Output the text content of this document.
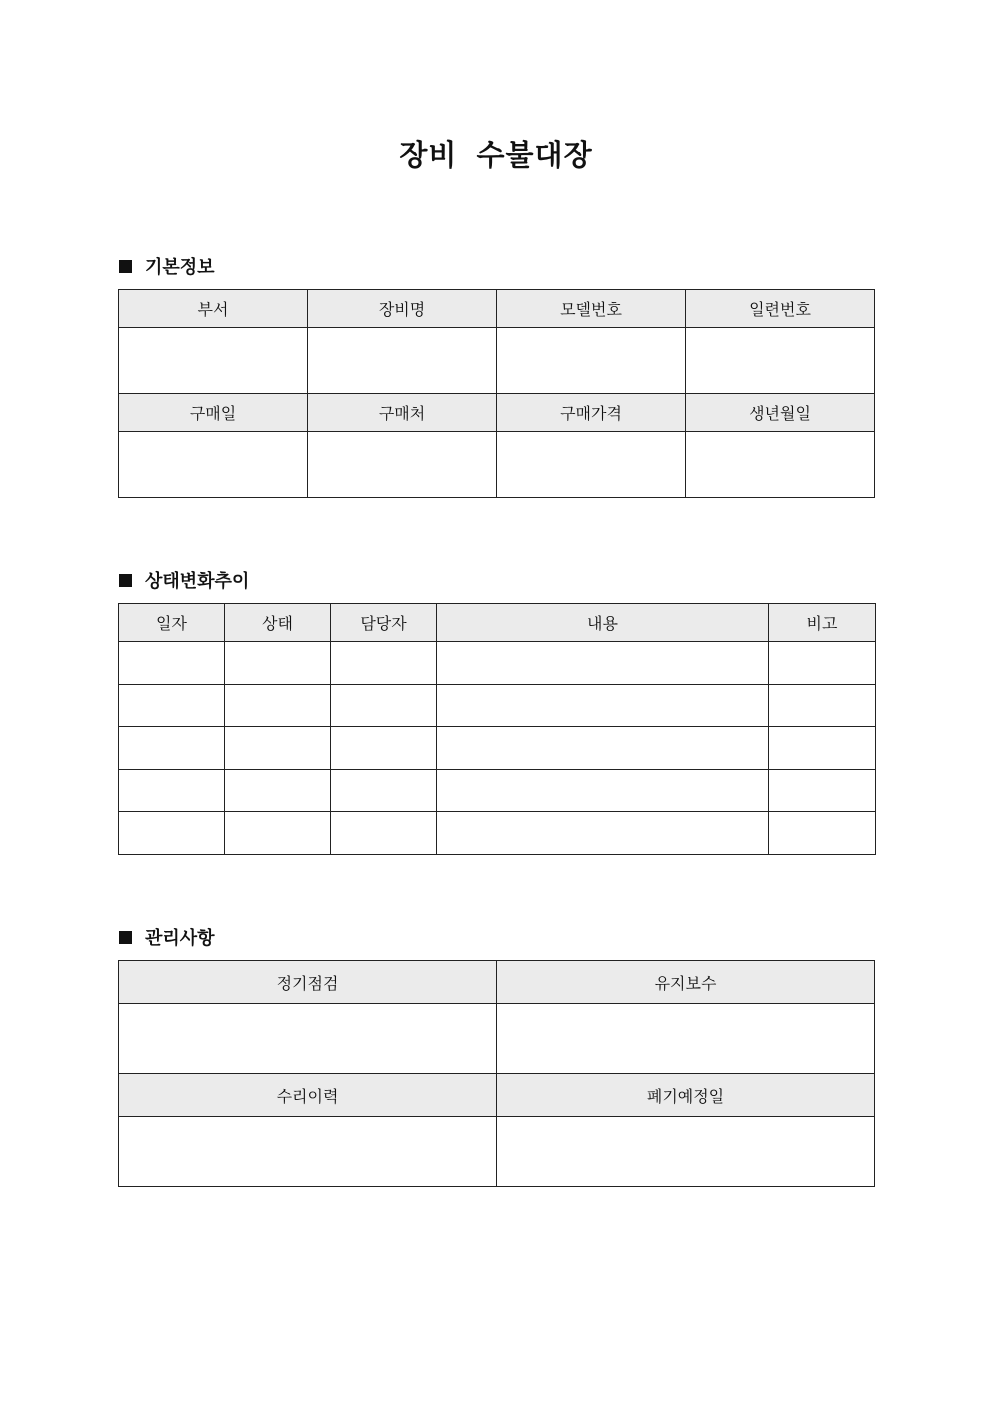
장비 수불대장
기본정보
부서	장비명	모델번호	일련번호

구매일	구매처	구매가격	생년월일

상태변화추이
일자	상태	담당자	내용	비고

관리사항
정기점검	유지보수

수리이력	폐기예정일
